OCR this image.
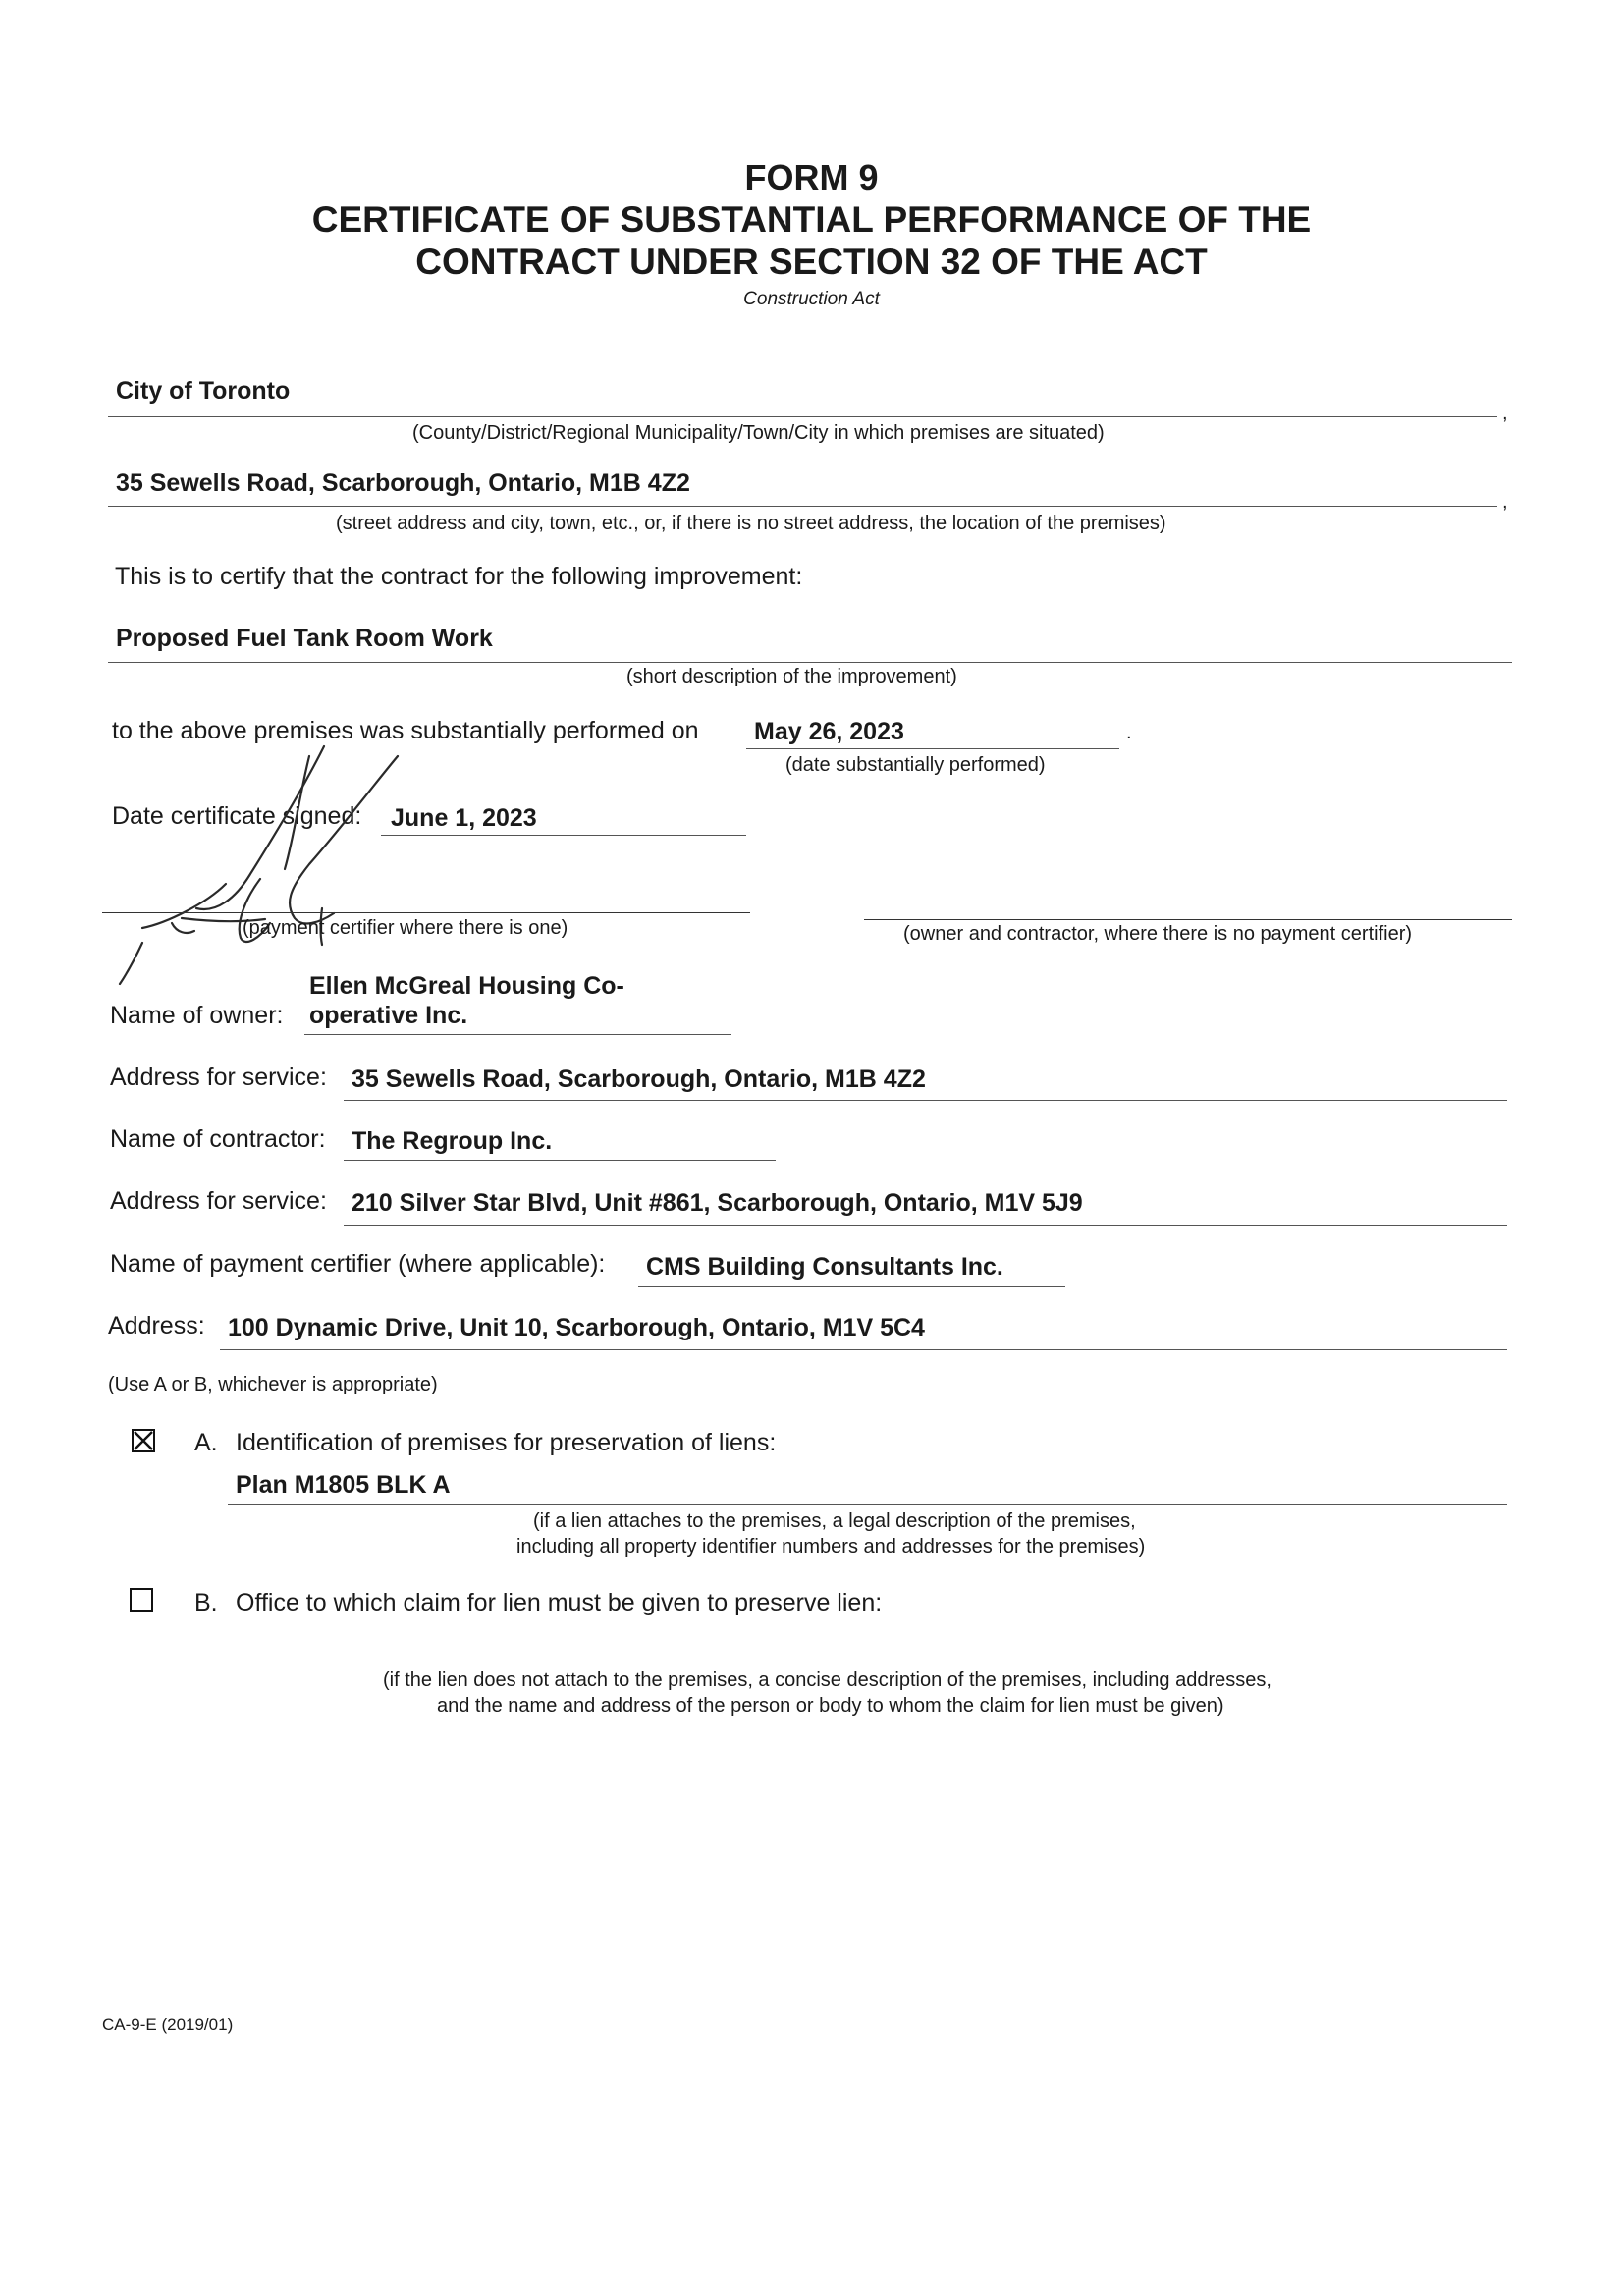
FORM 9
CERTIFICATE OF SUBSTANTIAL PERFORMANCE OF THE
CONTRACT UNDER SECTION 32 OF THE ACT
Construction Act
City of Toronto
,
(County/District/Regional Municipality/Town/City in which premises are situated)
35 Sewells Road, Scarborough, Ontario, M1B 4Z2
,
(street address and city, town, etc., or, if there is no street address, the location of the premises)
This is to certify that the contract for the following improvement:
Proposed Fuel Tank Room Work
(short description of the improvement)
to the above premises was substantially performed on May 26, 2023	.
(date substantially performed)
Date certificate signed: June 1, 2023
(payment certifier where there is one)	(owner and contractor, where there is no payment certifier)
Ellen McGreal Housing Co-
Name of owner: operative Inc.
Address for service: 35 Sewells Road, Scarborough, Ontario, M1B 4Z2
Name of contractor: The Regroup Inc.
Address for service: 210 Silver Star Blvd, Unit #861, Scarborough, Ontario, M1V 5J9
Name of payment certifier (where applicable): CMS Building Consultants Inc.
Address: 100 Dynamic Drive, Unit 10, Scarborough, Ontario, M1V 5C4
(Use A or B, whichever is appropriate)
A. Identification of premises for preservation of liens:
Plan M1805 BLK A
(if a lien attaches to the premises, a legal description of the premises,
including all property identifier numbers and addresses for the premises)
B. Office to which claim for lien must be given to preserve lien:
(if the lien does not attach to the premises, a concise description of the premises, including addresses,
and the name and address of the person or body to whom the claim for lien must be given)
CA-9-E (2019/01)
